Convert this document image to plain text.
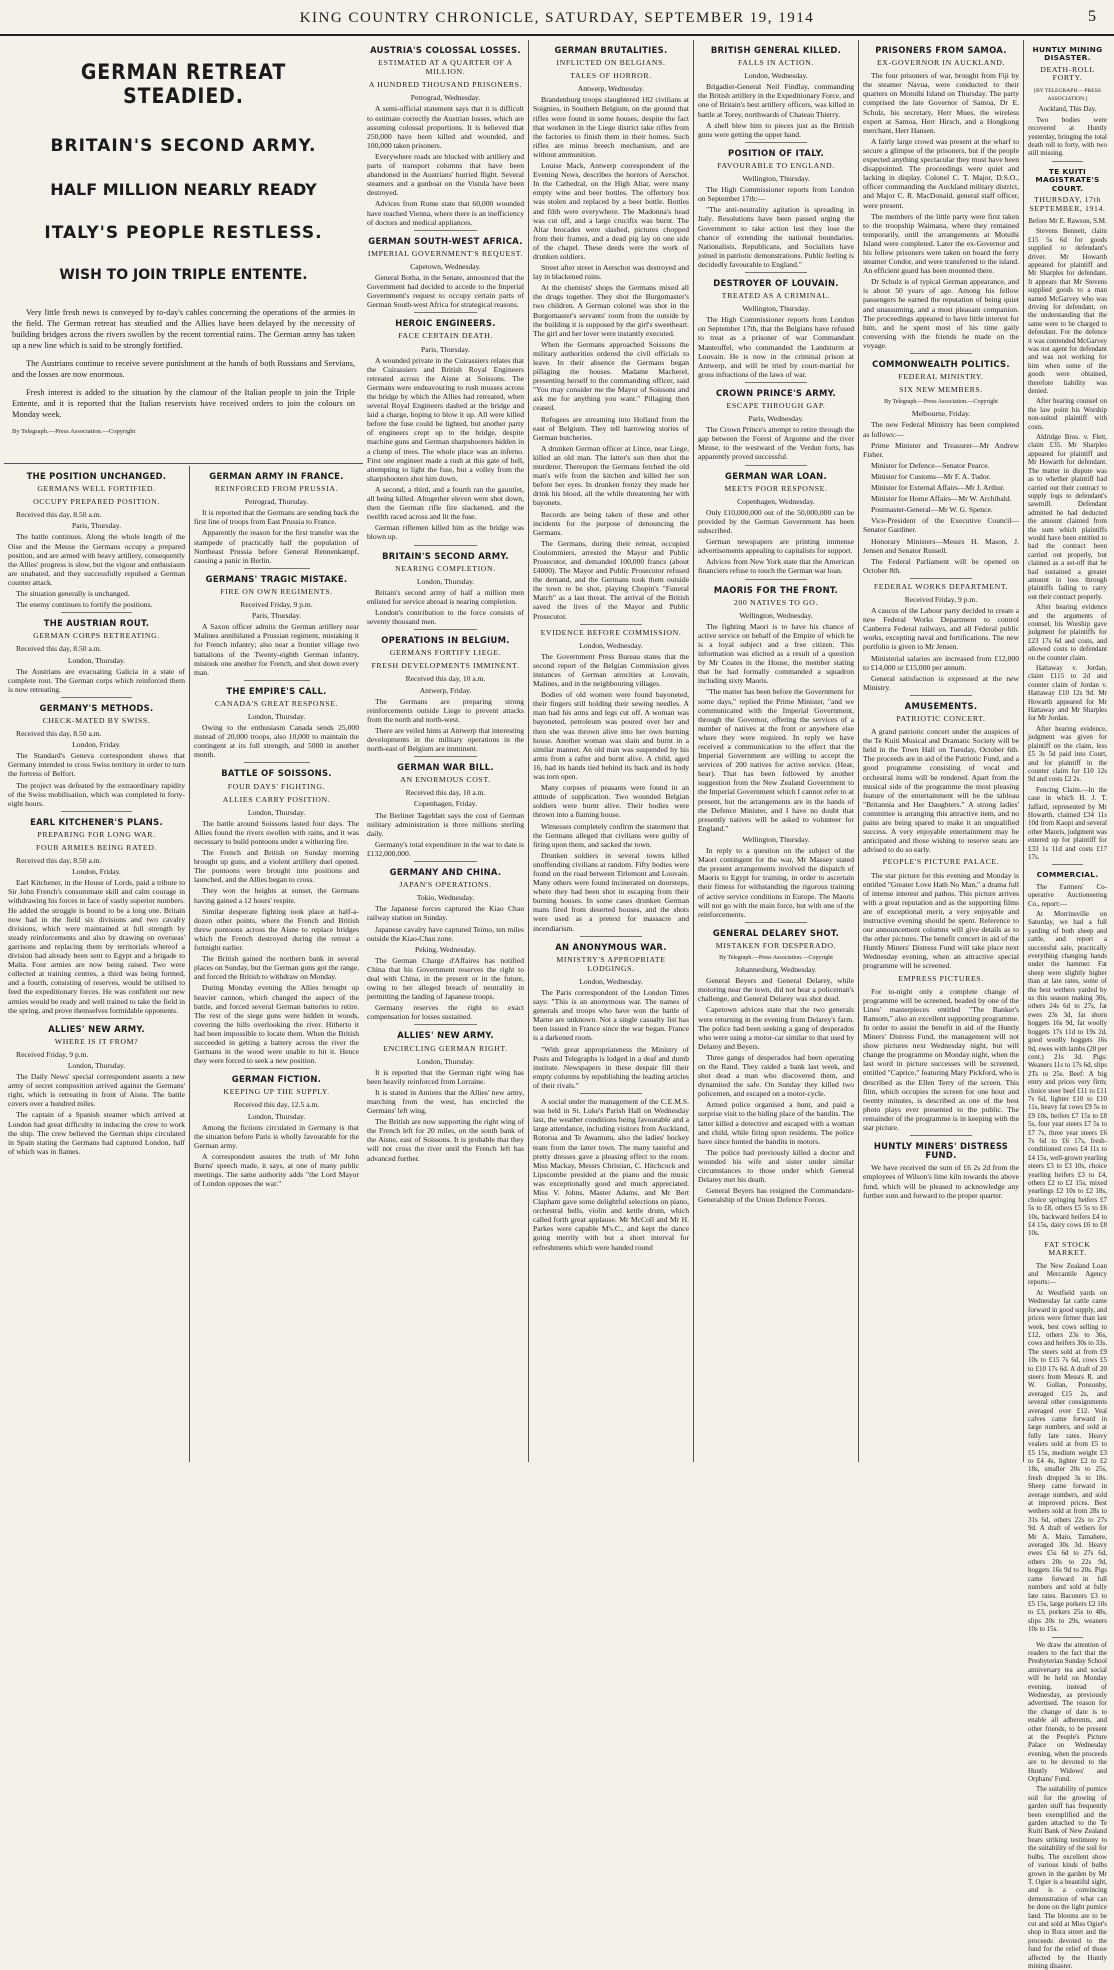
KING COUNTRY CHRONICLE, SATURDAY, SEPTEMBER 19, 1914	5
GERMAN RETREAT STEADIED.
BRITAIN'S SECOND ARMY.
HALF MILLION NEARLY READY
ITALY'S PEOPLE RESTLESS.
WISH TO JOIN TRIPLE ENTENTE.

Very little fresh news is conveyed by to-day's cables concerning the operations of the armies in the field. The German retreat has steadied and the Allies have been delayed by the necessity of building bridges across the rivers swollen by the recent torrential rains. The German army has taken up a new line which is said to be strongly fortified.

The Austrians continue to receive severe punishment at the hands of both Russians and Servians, and the losses are now enormous.

Fresh interest is added to the situation by the clamour of the Italian people to join the Triple Entente, and it is reported that the Italian reservists have received orders to join the colours on Monday week.

By Telegraph.—Press Association.—Copyright
THE POSITION UNCHANGED.
GERMANS WELL FORTIFIED.
OCCUPY PREPARED POSITION.

Received this day, 8.50 a.m.

Paris, Thursday.

The battle continues. Along the whole length of the Oise and the Meuse the Germans occupy a prepared position, and are armed with heavy artillery, consequently the Allies' progress is slow, but the vigour and enthusiasm are unabated, and they successfully repulsed a German counter attack.

The situation generally is unchanged.

The enemy continues to fortify the positions.

THE AUSTRIAN ROUT.
GERMAN CORPS RETREATING.

Received this day, 8.50 a.m.

London, Thursday.

The Austrians are evacuating Galicia in a state of complete rout. The German corps which reinforced them is now retreating.

GERMANY'S METHODS.
CHECK-MATED BY SWISS.

Received this day, 8.50 a.m.

London, Friday.

The Standard's Geneva correspondent shows that Germany intended to cross Swiss territory in order to turn the fortress of Belfort.

The project was defeated by the extraordinary rapidity of the Swiss mobilisation, which was completed in forty-eight hours.

EARL KITCHENER'S PLANS.
PREPARING FOR LONG WAR.
FOUR ARMIES BEING RATED.

Received this day, 8.50 a.m.

London, Friday.

Earl Kitchener, in the House of Lords, paid a tribute to Sir John French's consummate skill and calm courage in withdrawing his forces in face of vastly superior numbers. He added the struggle is bound to be a long one. Britain now had in the field six divisions and two cavalry divisions, which were maintained at full strength by steady reinforcements and also by drawing on overseas' garrisons and replacing them by territorials whereof a division had already been sent to Egypt and a brigade to Malta. Four armies are now being raised. Two were collected at training centres, a third was being formed, and a fourth, consisting of reserves, would be utilised to feed the expeditionary forces. He was confident our new armies would be ready and well trained to take the field in the spring, and prove themselves formidable opponents.

ALLIES' NEW ARMY.
WHERE IS IT FROM?

Received Friday, 9 p.m.

London, Thursday.

The Daily News' special correspondent asserts a new army of secret composition arrived against the Germans' right, which is retreating in front of Aisne. The battle covers over a hundred miles.

The captain of a Spanish steamer which arrived at London had great difficulty in inducing the crew to work the ship. The crew believed the German ships circulated in Spain stating the Germans had captured London, half of which was in flames.

GERMAN ARMY IN FRANCE.
REINFORCED FROM PRUSSIA.

Petrograd, Thursday.

It is reported that the Germans are sending back the first line of troops from East Prussia to France.

Apparently the reason for the first transfer was the stampede of practically half the population of Northeast Prussia before General Rennenkampf, causing a panic in Berlin.

GERMANS' TRAGIC MISTAKE.
FIRE ON OWN REGIMENTS.

Received Friday, 9 p.m.

Paris, Thursday.

A Saxon officer admits the German artillery near Malines annihilated a Prussian regiment, mistaking it for French infantry; also near a frontier village two battalions of the Twenty-eighth German infantry, mistook one another for French, and shot down every man.

THE EMPIRE'S CALL.
CANADA'S GREAT RESPONSE.

London, Thursday.

Owing to the enthusiasm Canada sends 25,000 instead of 20,000 troops, also 10,000 to maintain the contingent at its full strength, and 5000 in another month.

BATTLE OF SOISSONS.
FOUR DAYS' FIGHTING.
ALLIES CARRY POSITION.

London, Thursday.

The battle around Soissons lasted four days. The Allies found the rivers swollen with rains, and it was necessary to build pontoons under a withering fire.

The French and British on Sunday morning brought up guns, and a violent artillery duel opened. The pontoons were brought into positions and launched, and the Allies began to cross.

They won the heights at sunset, the Germans having gained a 12 hours' respite.

Similar desperate fighting took place at half-a-dozen other points, where the French and British threw pontoons across the Aisne to replace bridges which the French destroyed during the retreat a fortnight earlier.

The British gained the northern bank in several places on Sunday, but the German guns got the range, and forced the British to withdraw on Monday.

During Monday evening the Allies brought up heavier cannon, which changed the aspect of the battle, and forced several German batteries to retire. The rest of the siege guns were hidden in woods, covering the hills overlooking the river. Hitherto it had been impossible to locate them. When the British succeeded in getting a battery across the river the Germans in the wood were unable to hit it. Hence they were forced to seek a new position.

GERMAN FICTION.
KEEPING UP THE SUPPLY.

Received this day, 12.5 a.m.

London, Thursday.

Among the fictions circulated in Germany is that the situation before Paris is wholly favourable for the German army.

A correspondent assures the truth of Mr John Burns' speech made, it says, at one of many public meetings. The same authority adds "the Lord Mayor of London opposes the war."

AUSTRIA'S COLOSSAL LOSSES.
ESTIMATED AT A QUARTER OF A MILLION.
A HUNDRED THOUSAND PRISONERS.

Petrograd, Wednesday.

A semi-official statement says that it is difficult to estimate correctly the Austrian losses, which are assuming colossal proportions. It is believed that 250,000 have been killed and wounded, and 100,000 taken prisoners.

Everywhere roads are blocked with artillery and parts of transport columns that have been abandoned in the Austrians' hurried flight. Several steamers and a gunboat on the Vistula have been destroyed.

Advices from Rome state that 60,000 wounded have reached Vienna, where there is an inefficiency of doctors and medical appliances.

GERMAN SOUTH-WEST AFRICA.
IMPERIAL GOVERNMENT'S REQUEST.

Capetown, Wednesday.

General Botha, in the Senate, announced that the Government had decided to accede to the Imperial Government's request to occupy certain parts of German South-west Africa for strategical reasons.

HEROIC ENGINEERS.
FACE CERTAIN DEATH.

Paris, Thursday.

A wounded private in the Cuirassiers relates that the Cuirassiers and British Royal Engineers retreated across the Aisne at Soissons. The Germans were endeavouring to rush musses across the bridge by which the Allies had retreated, when several Royal Engineers dashed at the bridge and laid a charge, hoping to blow it up. All were killed before the fuse could be lighted, but another party of engineers crept up to the bridge, despite machine guns and German sharpshooters hidden in a clump of trees. The whole place was an inferno. First one engineer made a rush at this gate of hell, attempting to light the fuse, but a volley from the sharpshooters shot him down.

A second, a third, and a fourth ran the gauntlet, all being killed. Altogether eleven were shot down, then the German rifle fire slackened, and the twelfth raced across and lit the fuse.

German riflemen killed him as the bridge was blown up.

BRITAIN'S SECOND ARMY.
NEARING COMPLETION.

London, Thursday.

Britain's second army of half a million men enlisted for service abroad is nearing completion.

London's contribution to the force consists of seventy thousand men.

OPERATIONS IN BELGIUM.
GERMANS FORTIFY LIEGE.
FRESH DEVELOPMENTS IMMINENT.

Received this day, 10 a.m.

Antwerp, Friday.

The Germans are preparing strong reinforcements outside Liege to prevent attacks from the north and north-west.

There are veiled hints at Antwerp that interesting developments in the military operations in the north-east of Belgium are imminent.

GERMAN WAR BILL.
AN ENORMOUS COST.

Received this day, 10 a.m.

Copenhagen, Friday.

The Berliner Tageblatt says the cost of German military administration is three millions sterling daily.

Germany's total expenditure in the war to date is £132,000,000.

GERMANY AND CHINA.
JAPAN'S OPERATIONS.

Tokio, Wednesday.

The Japanese forces captured the Kiao Chau railway station on Sunday.

Japanese cavalry have captured Teimo, ten miles outside the Kiao-Chau zone.

Peking, Wednesday.

The German Charge d'Affaires has notified China that his Government reserves the right to deal with China, in the present or in the future, owing to her alleged breach of neutrality in permitting the landing of Japanese troops.

Germany reserves the right to exact compensation for losses sustained.

ALLIES' NEW ARMY.
ENCIRCLING GERMAN RIGHT.

London, Thursday.

It is reported that the German right wing has been heavily reinforced from Lorraine.

It is stated in Amiens that the Allies' new army, marching from the west, has encircled the Germans' left wing.

The British are now supporting the right wing of the French left for 20 miles, on the south bank of the Aisne, east of Soissons. It is probable that they will not cross the river until the French left has advanced further.

GERMAN BRUTALITIES.
INFLICTED ON BELGIANS.
TALES OF HORROR.

Antwerp, Wednesday.

Brandenburg troops slaughtered 182 civilians at Soignies, in Southern Belgium, on the ground that rifles were found in some houses, despite the fact that workmen in the Liege district take rifles from the factories to finish them in their homes. Such rifles are minus breech mechanism, and are without ammunition.

Louise Mack, Antwerp correspondent of the Evening News, describes the horrors of Aerschot. In the Cathedral, on the High Altar, were many empty wine and beer bottles. The offertory box was stolen and replaced by a beer bottle. Bottles and filth were everywhere. The Madonna's head was cut off, and a large crucifix was burnt. The Altar brocades were slashed, pictures chopped from their frames, and a dead pig lay on one side of the chapel. These deeds were the work of drunken soldiers.

Street after street in Aerschot was destroyed and lay in blackened ruins.

At the chemists' shops the Germans mixed all the drugs together. They shot the Burgomaster's two children. A German colonel was shot in the Burgomaster's servants' room from the outside by the building it is supposed by the girl's sweetheart. The girl and her lover were instantly executed.

When the Germans approached Soissons the military authorities ordered the civil officials to leave. In their absence the Germans began pillaging the houses. Madame Macherel, presenting herself to the commanding officer, said "You may consider me the Mayor of Soissons and ask me for anything you want." Pillaging then ceased.

Refugees are streaming into Holland from the east of Belgium. They tell harrowing stories of German butcheries.

A drunken German officer at Lince, near Liege, killed an old man. The latter's son then shot the murderer. Thereupon the Germans fetched the old man's wife from the kitchen and killed her son before her eyes. In drunken frenzy they made her drink his blood, all the while threatening her with bayonets.

Records are being taken of these and other incidents for the purpose of denouncing the Germans.

The Germans, during their retreat, occupied Coulommiers, arrested the Mayor and Public Prosecutor, and demanded 100,000 francs (about £4000). The Mayor and Public Prosecutor refused the demand, and the Germans took them outside the town to be shot, playing Chopin's "Funeral March" as a last threat. The arrival of the British saved the lives of the Mayor and Public Prosecutor.

EVIDENCE BEFORE COMMISSION.

London, Wednesday.

The Government Press Bureau states that the second report of the Belgian Commission gives instances of German atrocities at Louvain, Malines, and in the neighbouring villages.

Bodies of old women were found bayoneted, their fingers still holding their sewing needles. A man had his arms and legs cut off. A woman was bayoneted, petroleum was poured over her and then she was thrown alive into her own burning house. Another woman was slain and burnt in a similar manner. An old man was suspended by his arms from a rafter and burnt alive. A child, aged 16, had its hands tied behind its back and its body was torn open.

Many corpses of peasants were found in an attitude of supplication. Two wounded Belgian soldiers were burnt alive. Their bodies were thrown into a flaming house.

Witnesses completely confirm the statement that the Germans alleged that civilians were guilty of firing upon them, and sacked the town.

Drunken soldiers in several towns killed unoffending civilians at random. Fifty bodies were found on the road between Tirlemont and Louvain. Many others were found incinerated on doorsteps, where they had been shot in escaping from their burning houses. In some cases drunken German mans fired from deserted houses, and the shots were used as a pretext for massacre and incendiarism.

AN ANONYMOUS WAR.
MINISTRY'S APPROPRIATE LODGINGS.

London, Wednesday.

The Paris correspondent of the London Times says: "This is an anonymous war. The names of generals and troops who have won the battle of Marne are unknown. Not a single casualty list has been issued in France since the war began. France is a darkened room.

"With great appropriateness the Ministry of Posts and Telegraphs is lodged in a deaf and dumb institute. Newspapers in these despair fill their empty columns by republishing the leading articles of their rivals."

A social under the management of the C.E.M.S. was held in St. Luke's Parish Hall on Wednesday last, the weather conditions being favourable and a large attendance, including visitors from Auckland, Rotorua and Te Awamutu, also the ladies' hockey team from the latter town. The many tasteful and pretty dresses gave a pleasing effect to the room. Miss Mackay, Messrs Christian, C. Hitchcock and Lipscombe presided at the piano and the music was exceptionally good and much appreciated. Miss V. Johns, Master Adams, and Mr Bert Clapham gave some delightful selections on piano, orchestral bells, violin and kettle drum, which called forth great applause. Mr McColl and Mr H. Parkes were capable M's.C., and kept the dance going merrily with but a short interval for refreshments which were handed round

BRITISH GENERAL KILLED.
FALLS IN ACTION.

London, Wednesday.

Brigadier-General Neil Findlay, commanding the British artillery in the Expeditionary Force, and one of Britain's best artillery officers, was killed in battle at Torey, northwards of Chateau Thierry.

A shell blew him to pieces just as the British guns were getting the upper hand.

POSITION OF ITALY.
FAVOURABLE TO ENGLAND.

Wellington, Thursday.

The High Commissioner reports from London on September 17th:—

"The anti-neutrality agitation is spreading in Italy. Resolutions have been passed urging the Government to take action lest they lose the chance of extending the national boundaries. Nationalists, Republicans, and Socialists have joined in patriotic demonstrations. Public feeling is decidedly favourable to England."

DESTROYER OF LOUVAIN.
TREATED AS A CRIMINAL.

Wellington, Thursday.

The High Commissioner reports from London on September 17th, that the Belgians have refused to treat as a prisoner of war Commandant Manteuffel, who commanded the Landsturm at Louvain. He is now in the criminal prison at Antwerp, and will be tried by court-martial for gross infractions of the laws of war.

CROWN PRINCE'S ARMY.
ESCAPE THROUGH GAP.

Paris, Wednesday.

The Crown Prince's attempt to retire through the gap between the Forest of Argonne and the river Meuse, to the westward of the Verdun forts, has apparently proved successful.

GERMAN WAR LOAN.
MEETS POOR RESPONSE.

Copenhagen, Wednesday.

Only £10,000,000 out of the 50,000,000 can be provided by the German Government has been subscribed.

German newspapers are printing immense advertisements appealing to capitalists for support.

Advices from New York state that the American financiers refuse to touch the German war loan.

MAORIS FOR THE FRONT.
200 NATIVES TO GO.

Wellington, Wednesday.

The fighting Maori is to have his chance of active service on behalf of the Empire of which he is a loyal subject and a free citizen. This information was elicited as a result of a question by Mr Coates in the House, the member stating that he had formally commanded a squadron including sixty Maoris.

"The matter has been before the Government for some days," replied the Prime Minister, "and we communicated with the Imperial Government, through the Governor, offering the services of a number of natives at the front or anywhere else where they were required. In reply we have received a communication to the effect that the Imperial Government are willing to accept the services of 200 natives for active service. (Hear, hear). That has been followed by another suggestion from the New Zealand Government to the Imperial Government which I cannot refer to at present, but the arrangements are in the hands of the Defence Minister, and I have no doubt that presently natives will be asked to volunteer for England."

Wellington, Thursday.

In reply to a question on the subject of the Maori contingent for the war, Mr Massey stated the present arrangements involved the dispatch of Maoris to Egypt for training, in order to ascertain their fitness for withstanding the rigorous training of active service conditions in Europe. The Maoris will not go with the main force, but with one of the reinforcements.

GENERAL DELAREY SHOT.
MISTAKEN FOR DESPERADO.

By Telegraph.—Press Association.—Copyright

Johannesburg, Wednesday.

General Beyers and General Delarey, while motoring near the town, did not hear a policeman's challenge, and General Delarey was shot dead.

Capetown advices state that the two generals were returning in the evening from Delarey's farm. The police had been seeking a gang of desperados who were using a motor-car similar to that used by Delarey and Beyers.

Three gangs of desperados had been operating on the Rand. They raided a bank last week, and shot dead a man who discovered them, and dynamited the safe. On Sunday they killed two policemen, and escaped on a motor-cycle.

Armed police organised a hunt, and paid a surprise visit to the hiding place of the bandits. The latter killed a detective and escaped with a woman and child, while firing upon residents. The police have since hunted the bandits in motors.

The police had previously killed a doctor and wounded his wife and sister under similar circumstances to those under which General Delarey met his death.

General Beyers has resigned the Commandant-Generalship of the Union Defence Forces.

PRISONERS FROM SAMOA.
EX-GOVERNOR IN AUCKLAND.

The four prisoners of war, brought from Fiji by the steamer Navua, were conducted to their quarters on Motuihi Island on Thursday. The party comprised the late Governor of Samoa, Dr E. Schulz, his secretary, Herr Mues, the wireless expert at Samoa, Herr Hirsch, and a Hongkong merchant, Herr Hansen.

A fairly large crowd was present at the wharf to secure a glimpse of the prisoners, but if the people expected anything spectacular they must have been disappointed. The proceedings were quiet and lacking in display. Colonel C. T. Major, D.S.O., officer commanding the Auckland military district, and Major C. R. MacDonald, general staff officer, were present.

The members of the little party were first taken to the troopship Waimana, where they remained temporarily, until the arrangements at Motuihi Island were completed. Later the ex-Governor and his fellow prisoners were taken on board the ferry steamer Condor, and were transferred to the island. An efficient guard has been mounted there.

Dr Schulz is of typical German appearance, and is about 50 years of age. Among his fellow passengers he earned the reputation of being quiet and unassuming, and a most pleasant companion. The proceedings appeared to have little interest for him, and he spent most of his time gaily conversing with the friends he made on the voyage.

COMMONWEALTH POLITICS.
FEDERAL MINISTRY.
SIX NEW MEMBERS.

By Telegraph.—Press Association.—Copyright

Melbourne, Friday.

The new Federal Ministry has been completed as follows:—

Prime Minister and Treasurer—Mr Andrew Fisher.

Minister for Defence—Senator Pearce.

Minister for Customs—Mr F. A. Tudor.

Minister for External Affairs—Mr J. Arthur.

Minister for Home Affairs—Mr W. Archibald.

Postmaster-General—Mr W. G. Spence.

Vice-President of the Executive Council—Senator Gardiner.

Honorary Ministers—Messrs H. Mason, J. Jensen and Senator Russell.

The Federal Parliament will be opened on October 8th.

FEDERAL WORKS DEPARTMENT.

Received Friday, 9 p.m.

A caucus of the Labour party decided to create a new Federal Works Department to control Canberra Federal railways, and all Federal public works, excepting naval and fortifications. The new portfolio is given to Mr Jensen.

Ministerial salaries are increased from £12,000 to £14,000 or £15,000 per annum.

General satisfaction is expressed at the new Ministry.

AMUSEMENTS.
PATRIOTIC CONCERT.

A grand patriotic concert under the auspices of the Te Kuiti Musical and Dramatic Society will be held in the Town Hall on Tuesday, October 6th. The proceeds are in aid of the Patriotic Fund, and a good programme consisting of vocal and orchestral items will be rendered. Apart from the musical side of the programme the most pleasing feature of the entertainment will be the tableau "Britannia and Her Daughters." A strong ladies' committee is arranging this attractive item, and no pains are being spared to make it an unqualified success. A very enjoyable entertainment may be anticipated and those wishing to reserve seats are advised to do so early.

PEOPLE'S PICTURE PALACE.

The star picture for this evening and Monday is entitled "Greater Love Hath No Man," a drama full of intense interest and pathos. This picture arrives with a great reputation and as the supporting films are of exceptional merit, a very enjoyable and instructive evening should be spent. Reference to our announcement columns will give details as to the other pictures. The benefit concert in aid of the Huntly Miners' Distress Fund will take place next Wednesday evening, when an attractive special programme will be screened.

EMPRESS PICTURES.

For to-night only a complete change of programme will be screened, headed by one of the Lines' masterpieces entitled "The Banker's Ransom," also an excellent supporting programme. In order to assist the benefit in aid of the Huntly Miners' Distress Fund, the management will not show pictures next Wednesday night, but will change the programme on Monday night, when the last word in picture successes will be screened, entitled "Caprice," featuring Mary Pickford, who is described as the Ellen Terry of the screen. This film, which occupies the screen for one hour and twenty minutes, is described as one of the best photo plays ever presented to the public. The remainder of the programme is in keeping with the star picture.

HUNTLY MINERS' DISTRESS FUND.

We have received the sum of £6 2s 2d from the employees of Wilson's lime kiln towards the above fund, which will be pleased to acknowledge any further sum and forward to the proper quarter.

HUNTLY MINING DISASTER.
DEATH-ROLL FORTY.

[BY TELEGRAPH.—PRESS ASSOCIATION.]

Auckland, This Day.

Two bodies were recovered at Huntly yesterday, bringing the total death roll to forty, with two still missing.

TE KUITI MAGISTRATE'S COURT.
THURSDAY, 17th SEPTEMBER, 1914.

Before Mr E. Rawson, S.M.

Stevens Bennett, claim £15 5s 6d for goods supplied to defendant's driver. Mr Howarth appeared for plaintiff and Mr Sharples for defendant. It appears that Mr Stevens supplied goods to a man named McGarvey who was driving for defendant, on the understanding that the same were to be charged to defendant. For the defence it was contended McGarvey was not agent for defendant and was not working for him when some of the goods were obtained, therefore liability was denied.

After hearing counsel on the law point his Worship non-suited plaintiff with costs.

Aldridge Bros. v. Flett, claim £35. Mr Sharples appeared for plaintiff and Mr Howarth for defendant. The matter in dispute was as to whether plaintiff had carried out their contract to supply logs to defendant's sawmill. Defendant admitted he had deducted the amount claimed from the sum which plaintiffs would have been entitled to had the contract been carried out properly, but claimed as a set-off that he had sustained a greater amount in loss through plaintiffs failing to carry out their contract properly.

After hearing evidence and the arguments of counsel, his Worship gave judgment for plaintiffs for £23 17s 6d and costs, and allowed costs to defendant on the counter claim.

Hattaway v. Jordan, claim £115 to 2d and counter claim of Jordan v. Hattaway £10 12s 9d. Mr Howarth appeared for Mr Hattaway and Mr Sharples for Mr Jordan.

After hearing evidence, judgment was given for plaintiff on the claim, less £5 3s 5d paid into Court, and for plaintiff in the counter claim for £10 12s 9d and costs £2 2s.

Fencing Claim.—In the case in which H. J. T. Jaffard, represented by Mr Howarth, claimed £34 11s 10d from Kaopi and several other Maoris, judgment was entered up for plaintiff for £33 1s 11d and costs £17 17s.

COMMERCIAL.

The Farmers' Co-operative Auctioneering Co., report:—

At Morrinsville on Saturday, we had a full yarding of both sheep and cattle, and report a successful sale, practically everything changing hands under the hammer. Fat sheep were slightly higher than at late rates, some of the best wethers yarded by us this season making 30s, others 24s 6d to 27s, fat ewes 23s 3d, fat shorn hoggets 16s 9d, fat woolly hoggets 17s 11d to 19s 2d, good woolly hoggets 16s 9d, ewes with lambs (20 per cent.) 21s 3d. Pigs: Weaners 11s to 17s 6d, slips 2Ts to 25s. Beef: A big entry and prices very firm; choice steer beef £11 to £11 7s 6d, lighter £10 to £10 11s, heavy fat cows £9 5s to £9 10s, heifers £7 15s to £8 5s, four year steers £7 5s to £7 7s, three year steers £6 7s 6d to £6 17s, fresh-conditioned cows £4 11s to £4 15s, well-grown yearling steers £3 to £3 10s, choice yearling heifers £3 to £4, others £2 to £2 15s, mixed yearlings £2 10s to £2 18s, choice springing heifers £7 5s to £8, others £5 5s to £6 10s, backward heifers £4 to £4 15s, dairy cows £6 to £8 10s.

FAT STOCK MARKET.

The New Zealand Loan and Mercantile Agency reports:—

At Westfield yards on Wednesday fat cattle came forward in good supply, and prices were firmer than last week, best cows selling to £12, others 23s to 36s, cows and heifers 30s to 33s. The steers sold at from £9 10s to £15 7s 6d, cows £5 to £10 17s 6d. A draft of 20 steers from Messrs R. and W. Gollan, Ponsonby, averaged £15 2s, and several other consignments averaged over £12. Veal calves came forward in large numbers, and sold at fully late rates. Heavy vealers sold at from £5 to £5 15s, medium weight £3 to £4 4s, lighter £2 to £2 18s, smaller 20s to 25s, fresh dropped 3s to 18s. Sheep came forward in average numbers, and sold at improved prices. Best wethers sold at from 28s to 31s 6d, others 22s to 27s 9d. A draft of wethers for Mr A. Maio, Tamahere, averaged 30s 3d. Heavy ewes £5s 6d to 27s 6d, others 20s to 22s 9d, hoggets 16s 9d to 20s. Pigs came forward in full numbers and sold at fully late rates. Baconers £3 to £5 15s, large porkers £2 10s to £3, porkers 25s to 48s, slips 20s to 29s, weaners 10s to 15s.

We draw the attention of readers to the fact that the Presbyterian Sunday School anniversary tea and social will be held on Monday evening, instead of Wednesday, as previously advertised. The reason for the change of date is to enable all adherents, and other friends, to be present at the People's Picture Palace on Wednesday evening, when the proceeds are to be devoted to the Huntly Widows' and Orphans' Fund.

The suitability of pumice soil for the growing of garden stuff has frequently been exemplified and the garden attached to the Te Kuiti Bank of New Zealand bears striking testimony to the suitability of the soil for bulbs. The excellent show of various kinds of bulbs grown in the garden by Mr T. Ogier is a beautiful sight, and is a convincing demonstration of what can be done on the light pumice land. The blooms are to be cut and sold at Miss Ogier's shop in Rora street and the proceeds devoted to the fund for the relief of those affected by the Huntly mining disaster.
